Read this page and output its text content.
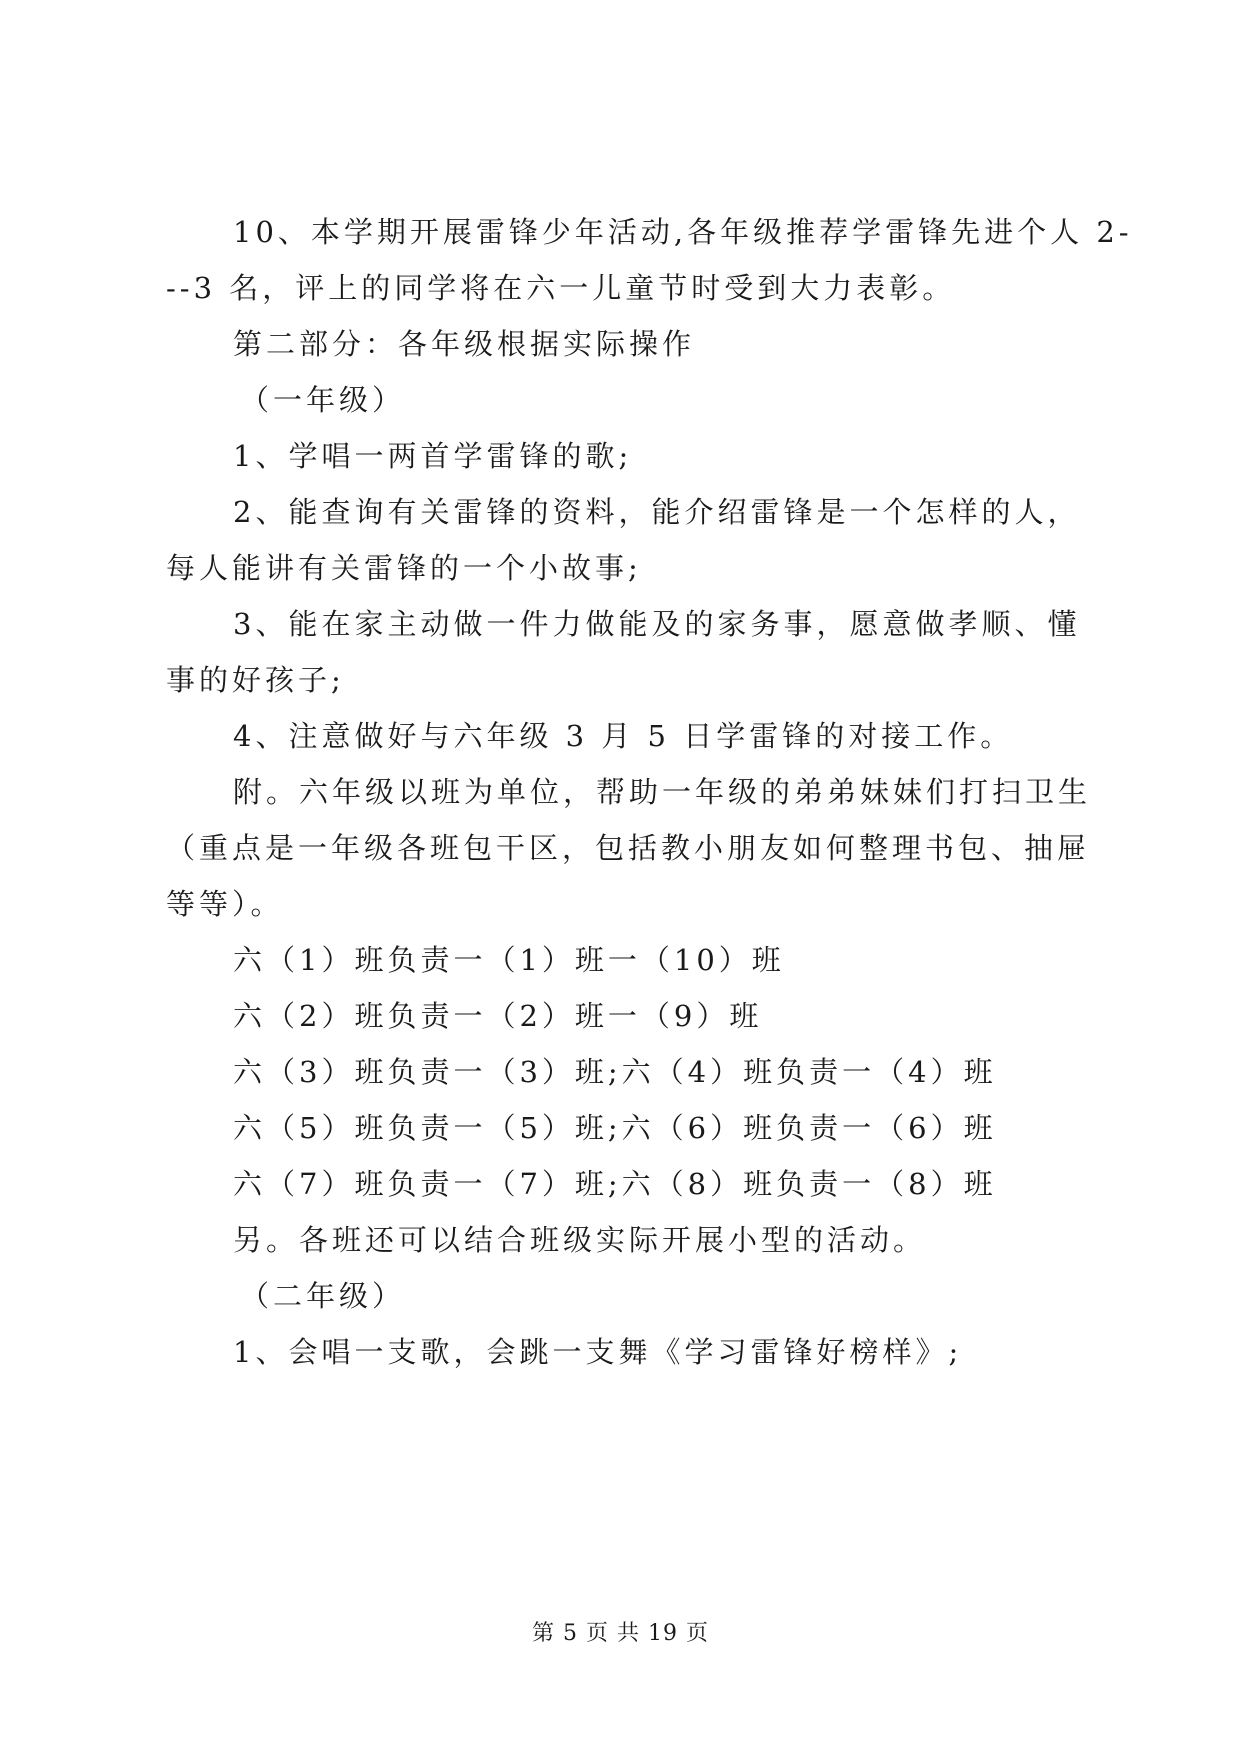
10、本学期开展雷锋少年活动,各年级推荐学雷锋先进个人 2-
--3 名，评上的同学将在六一儿童节时受到大力表彰。
第二部分：各年级根据实际操作
（一年级）
1、学唱一两首学雷锋的歌;
2、能查询有关雷锋的资料，能介绍雷锋是一个怎样的人，
每人能讲有关雷锋的一个小故事;
3、能在家主动做一件力做能及的家务事，愿意做孝顺、懂
事的好孩子;
4、注意做好与六年级 3 月 5 日学雷锋的对接工作。
附。六年级以班为单位，帮助一年级的弟弟妹妹们打扫卫生
（重点是一年级各班包干区，包括教小朋友如何整理书包、抽屉
等等）。
六（1）班负责一（1）班一（10）班
六（2）班负责一（2）班一（9）班
六（3）班负责一（3）班;六（4）班负责一（4）班
六（5）班负责一（5）班;六（6）班负责一（6）班
六（7）班负责一（7）班;六（8）班负责一（8）班
另。各班还可以结合班级实际开展小型的活动。
（二年级）
1、会唱一支歌，会跳一支舞《学习雷锋好榜样》;
第 5 页 共 19 页
